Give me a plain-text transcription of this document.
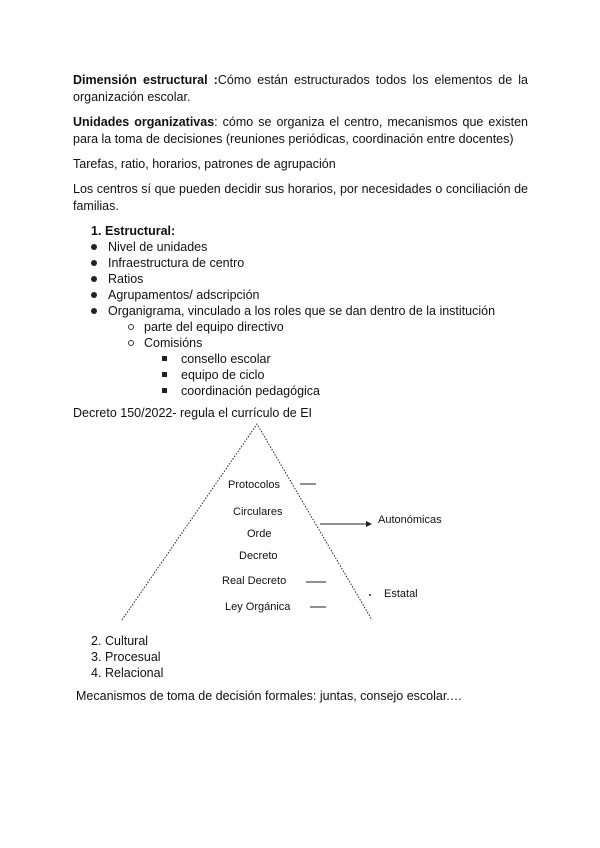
Dimensión estructural :Cómo están estructurados todos los elementos de la organización escolar.

Unidades organizativas: cómo se organiza el centro, mecanismos que existen para la toma de decisiones (reuniones periódicas, coordinación entre docentes)

Tarefas, ratio, horarios, patrones de agrupación

Los centros sí que pueden decidir sus horarios, por necesidades o conciliación de familias.

1. Estructural:
Nivel de unidades
Infraestructura de centro
Ratios
Agrupamentos/ adscripción
Organigrama, vinculado a los roles que se dan dentro de la institución
parte del equipo directivo
Comisións
consello escolar
equipo de ciclo
coordinación pedagógica

Decreto 150/2022- regula el currículo de EI

Protocolos
Circulares
Orde
Decreto
Real Decreto
Ley Orgánica
Autonómicas
Estatal
2. Cultural
3. Procesual
4. Relacional

Mecanismos de toma de decisión formales: juntas, consejo escolar.…
